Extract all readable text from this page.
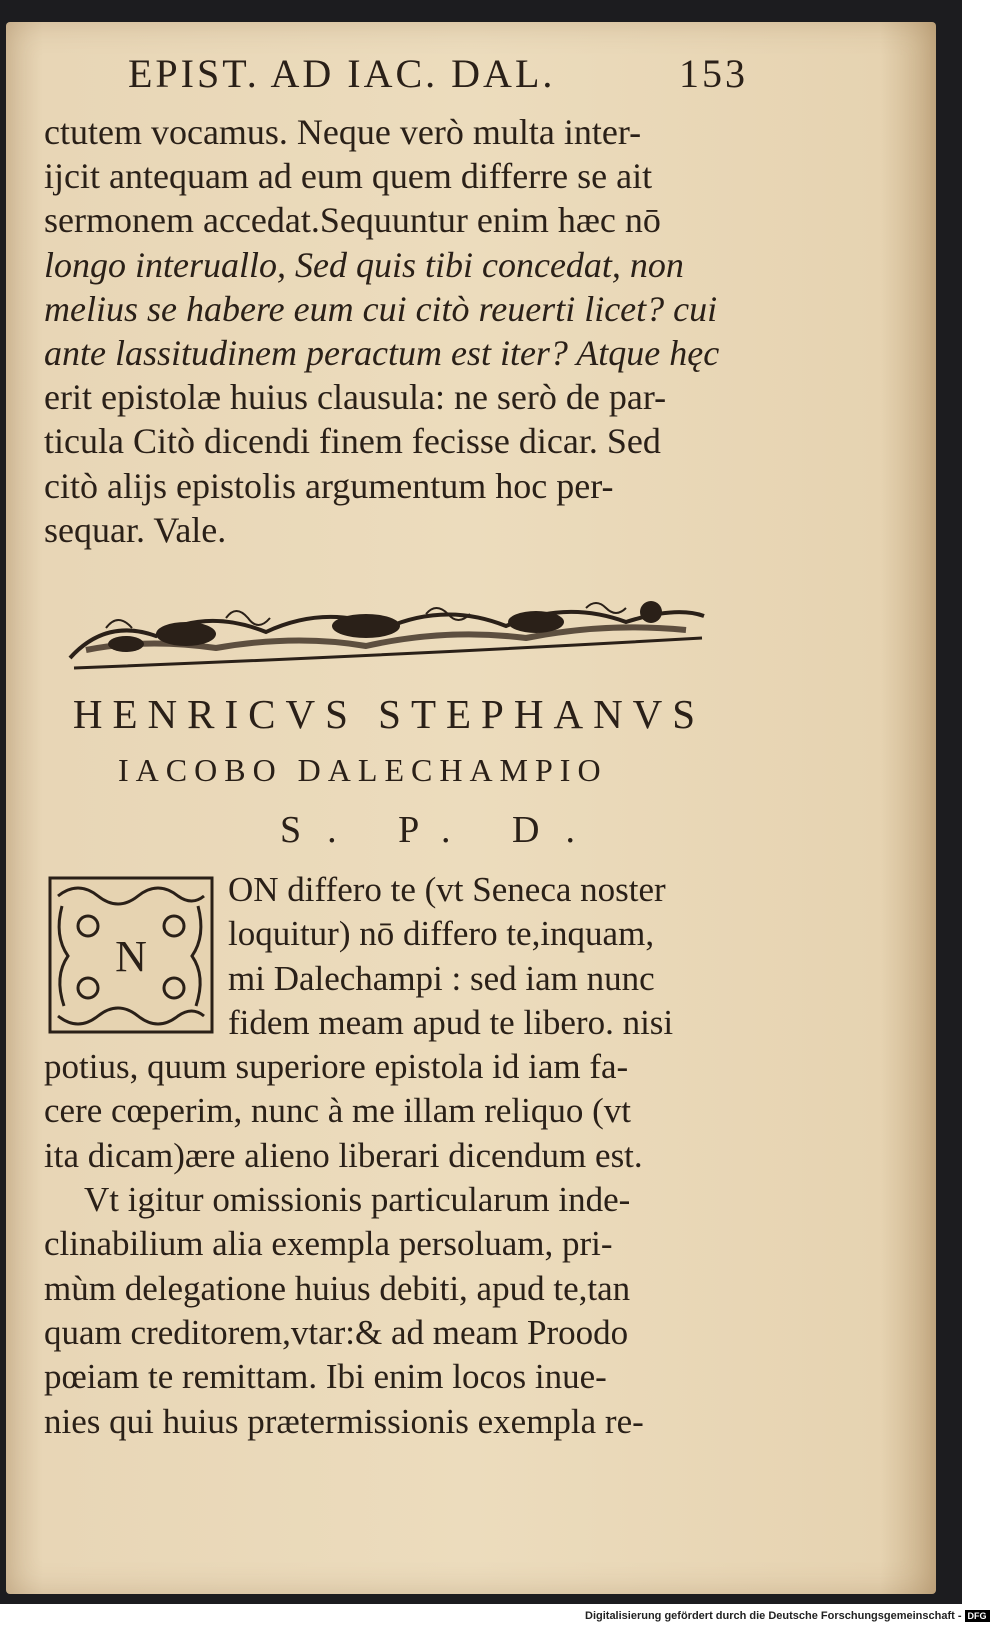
EPIST. AD IAC. DAL.	153
ctutem vocamus. Neque verò multa inter-
ijcit antequam ad eum quem differre se ait
sermonem accedat.Sequuntur enim hæc nō
longo interuallo, Sed quis tibi concedat, non
melius se habere eum cui citò reuerti licet? cui
ante lassitudinem peractum est iter? Atque hęc
erit epistolæ huius clausula: ne serò de par-
ticula Citò dicendi finem fecisse dicar. Sed
citò alijs epistolis argumentum hoc per-
sequar. Vale.
HENRICVS STEPHANVS
IACOBO DALECHAMPIO
S. P. D.
N
ON differo te (vt Seneca noster
loquitur) nō differo te,inquam,
mi Dalechampi : sed iam nunc
fidem meam apud te libero. nisi
potius, quum superiore epistola id iam fa-
cere cœperim, nunc à me illam reliquo (vt
ita dicam)ære alieno liberari dicendum est.
Vt igitur omissionis particularum inde-
clinabilium alia exempla persoluam, pri-
mùm delegatione huius debiti, apud te,tan
quam creditorem,vtar:& ad meam Proodo
pœiam te remittam. Ibi enim locos inue-
nies qui huius prætermissionis exempla re-
Digitalisierung gefördert durch die Deutsche Forschungsgemeinschaft - DFG
